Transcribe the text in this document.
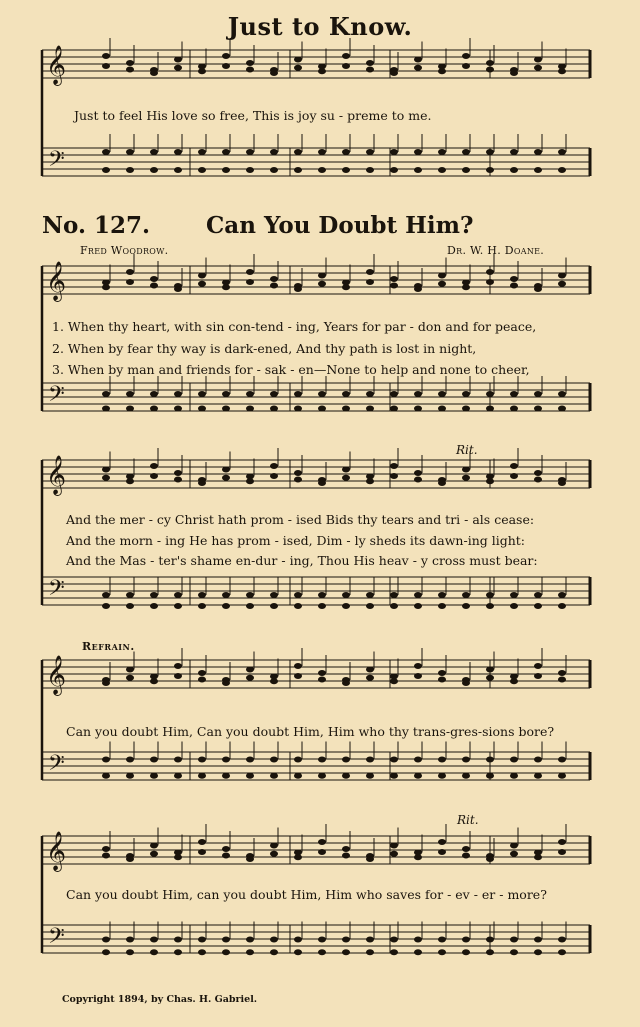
𝄞
𝄢
𝄞
𝄢
𝄞
𝄢
𝄞
𝄢
𝄞
𝄢
Just to Know.
Just to feel His love so free, This is joy su - preme to me.
No. 127. Can You Doubt Him?
Fred Woodrow.	Dr. W. H. Doane.
1. When thy heart, with sin con-tend - ing, Years for par - don and for peace,
2. When by fear thy way is dark-ened, And thy path is lost in night,
3. When by man and friends for - sak - en—None to help and none to cheer,
Rit.
And the mer - cy Christ hath prom - ised Bids thy tears and tri - als cease:
And the morn - ing He has prom - ised, Dim - ly sheds its dawn-ing light:
And the Mas - ter's shame en-dur - ing, Thou His heav - y cross must bear:
Refrain.
Can you doubt Him, Can you doubt Him, Him who thy trans-gres-sions bore?
Rit.
Can you doubt Him, can you doubt Him, Him who saves for - ev - er - more?
Copyright 1894, by Chas. H. Gabriel.
